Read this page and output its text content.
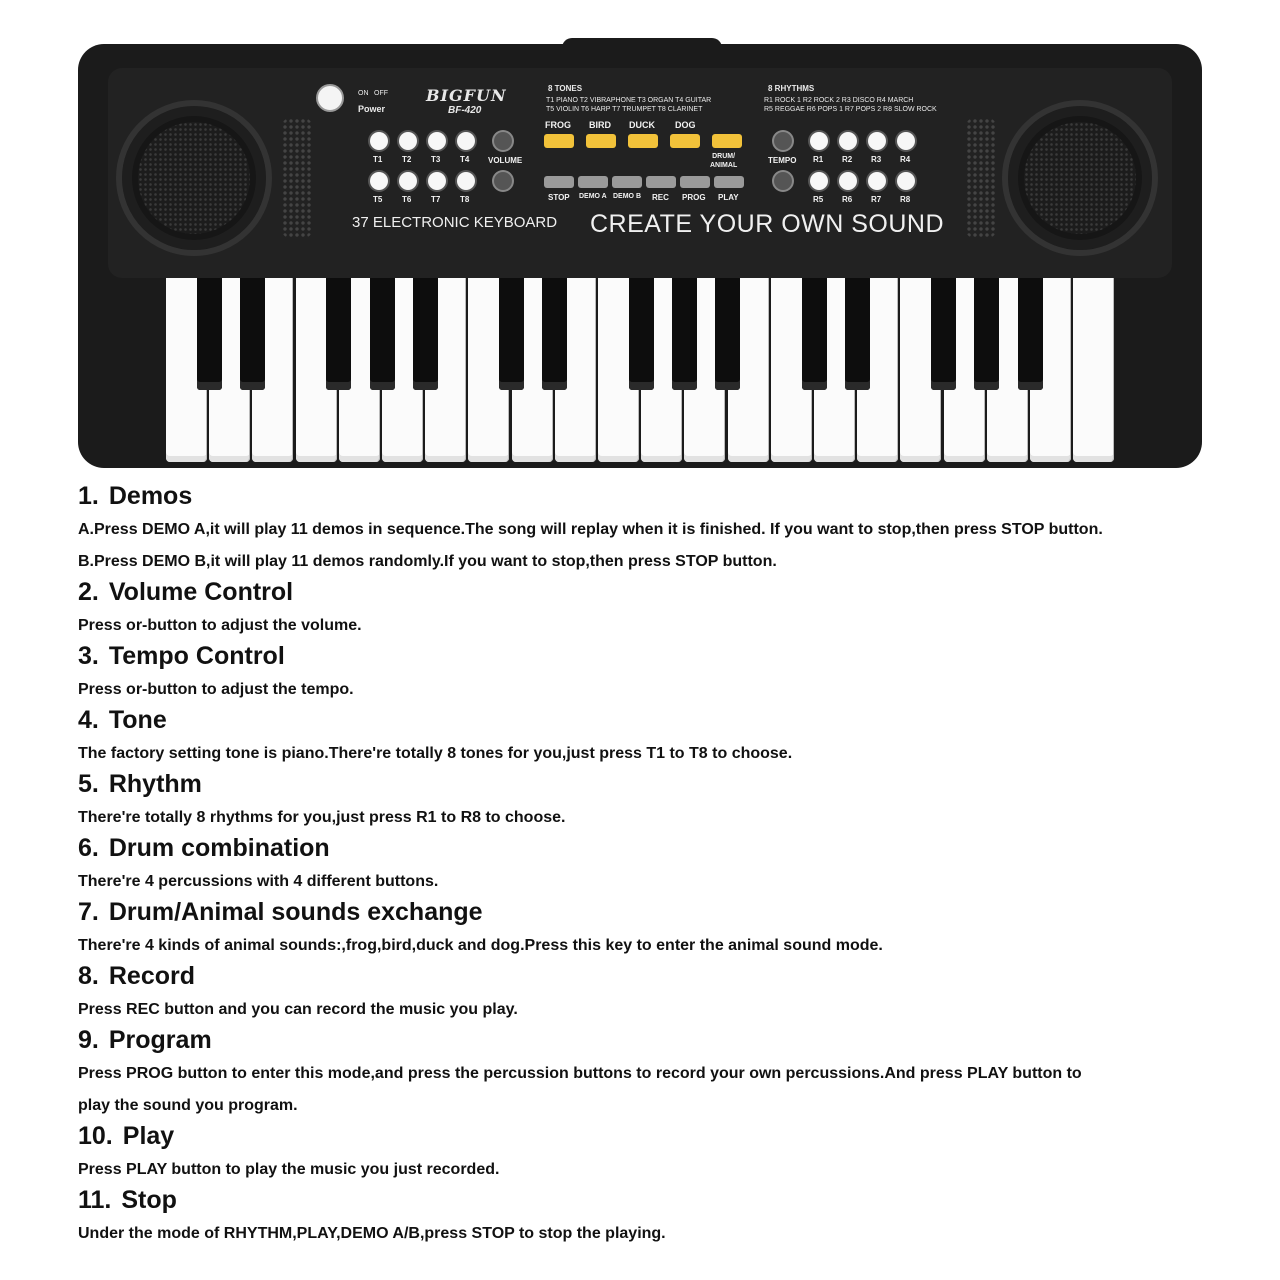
ON OFF
Power
BIGFUN
BF-420
8 TONES
T1 PIANO T2 VIBRAPHONE T3 ORGAN T4 GUITAR
T5 VIOLIN T6 HARP T7 TRUMPET T8 CLARINET
8 RHYTHMS
R1 ROCK 1 R2 ROCK 2 R3 DISCO R4 MARCH
R5 REGGAE R6 POPS 1 R7 POPS 2 R8 SLOW ROCK
T1 T2 T3 T4
T5 T6 T7 T8
VOLUME
FROG BIRD DUCK DOG
DRUM/
ANIMAL
STOP DEMO A DEMO B REC PROG PLAY
TEMPO R1 R2 R3 R4
R5 R6 R7 R8
37 ELECTRONIC KEYBOARD CREATE YOUR OWN SOUND
1. Demos
A.Press DEMO A,it will play 11 demos in sequence.The song will replay when it is finished. If you want to stop,then press STOP button.
B.Press DEMO B,it will play 11 demos randomly.If you want to stop,then press STOP button.
2. Volume Control
Press or-button to adjust the volume.
3. Tempo Control
Press or-button to adjust the tempo.
4. Tone
The factory setting tone is piano.There're totally 8 tones for you,just press T1 to T8 to choose.
5. Rhythm
There're totally 8 rhythms for you,just press R1 to R8 to choose.
6. Drum combination
There're 4 percussions with 4 different buttons.
7. Drum/Animal sounds exchange
There're 4 kinds of animal sounds:,frog,bird,duck and dog.Press this key to enter the animal sound mode.
8. Record
Press REC button and you can record the music you play.
9. Program
Press PROG button to enter this mode,and press the percussion buttons to record your own percussions.And press PLAY button to
play the sound you program.
10. Play
Press PLAY button to play the music you just recorded.
11. Stop
Under the mode of RHYTHM,PLAY,DEMO A/B,press STOP to stop the playing.
